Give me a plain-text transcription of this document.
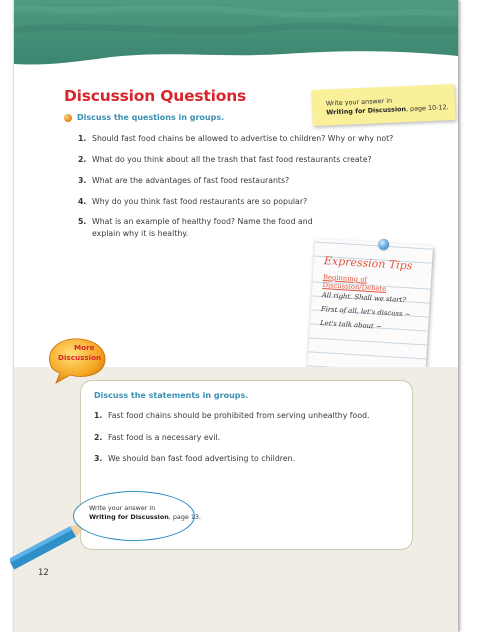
Discussion Questions	Write your answer in
Writing for Discussion, page 10-12.
Discuss the questions in groups.
1. Should fast food chains be allowed to advertise to children? Why or why not?
2. What do you think about all the trash that fast food restaurants create?
3. What are the advantages of fast food restaurants?
4. Why do you think fast food restaurants are so popular?
5. What is an example of healthy food? Name the food and
explain why it is healthy.
Expression Tips
Beginning of Discussion/Debate
All right. Shall we start?
First of all, let's discuss ~
Let's talk about ~
More
Discussion
Discuss the statements in groups.
1. Fast food chains should be prohibited from serving unhealthy food.
2. Fast food is a necessary evil.
3. We should ban fast food advertising to children.
Write your answer in
Writing for Discussion, page 13.
12
